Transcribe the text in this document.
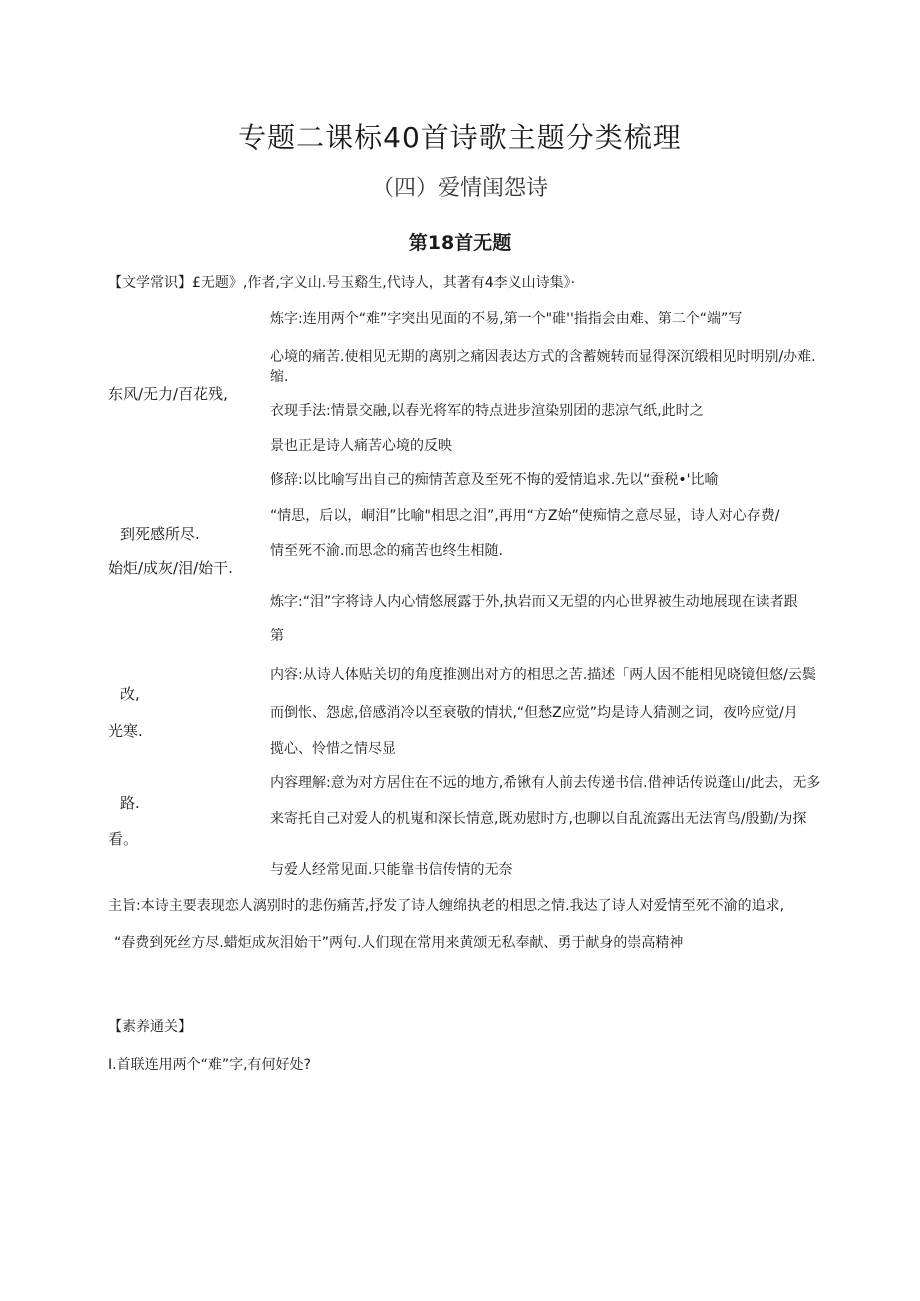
专题二课标40首诗歌主题分类梳理
（四）爱情闺怨诗
第18首无题
【文学常识】£无题》,作者,字义山.号玉谿生,代诗人，其著有4李义山诗集》·
东风/无力/百花残,
到死感所尽.
始炬/成灰/泪/始干.
改,
光寒.
路.
看。
炼字:连用两个“难”字突出见面的不易,第一个"碓''指指会由难、第二个“端”写
心境的痛苦.使相见无期的离别之痛因表达方式的含蓄婉转而显得深沉缎相见时明别/办难.
缩.
衣现手法:情景交融,以春光将军的特点进步渲染别团的悲凉气纸,此时之
景也正是诗人痛苦心境的反映
修辞:以比喻写出自己的痴情苦意及至死不悔的爱情追求.先以“蚕税•'比喻
“情思，后以，峒泪”比喻"相思之泪”,再用“方Z始”使痴情之意尽显，诗人对心存费/
情至死不渝.而思念的痛苦也终生相随.
炼字:“泪”字将诗人内心情悠展露于外,执岩而又无望的内心世界被生动地展现在读者跟
第
内容:从诗人体贴关切的角度推测出对方的相思之苦.描述「两人因不能相见晓镜但悠/云鬓
而倒怅、怨虑,倍感消冷以至衰敬的情状,“但愁Z应觉”均是诗人猜测之词，夜吟应觉/月
揽心、怜惜之情尽显
内容理解:意为对方居住在不远的地方,希锹有人前去传递书信.借神话传说蓬山/此去，无多
来寄托自己对爱人的机嵬和深长情意,既劝慰时方,也聊以自乱流露出无法宵鸟/殷勤/为探
与爱人经常见面.只能靠书信传情的无奈
主旨:本诗主要表现恋人漓别时的悲伤痛苦,抒发了诗人缠绵执老的相思之情.我达了诗人对爱情至死不渝的追求,
“春费到死丝方尽.蜡炬成灰泪始干”两句.人们现在常用来黄颂无私奉献、勇于献身的崇高精神
【素养通关】
I.首联连用两个“难”字,有何好处?
